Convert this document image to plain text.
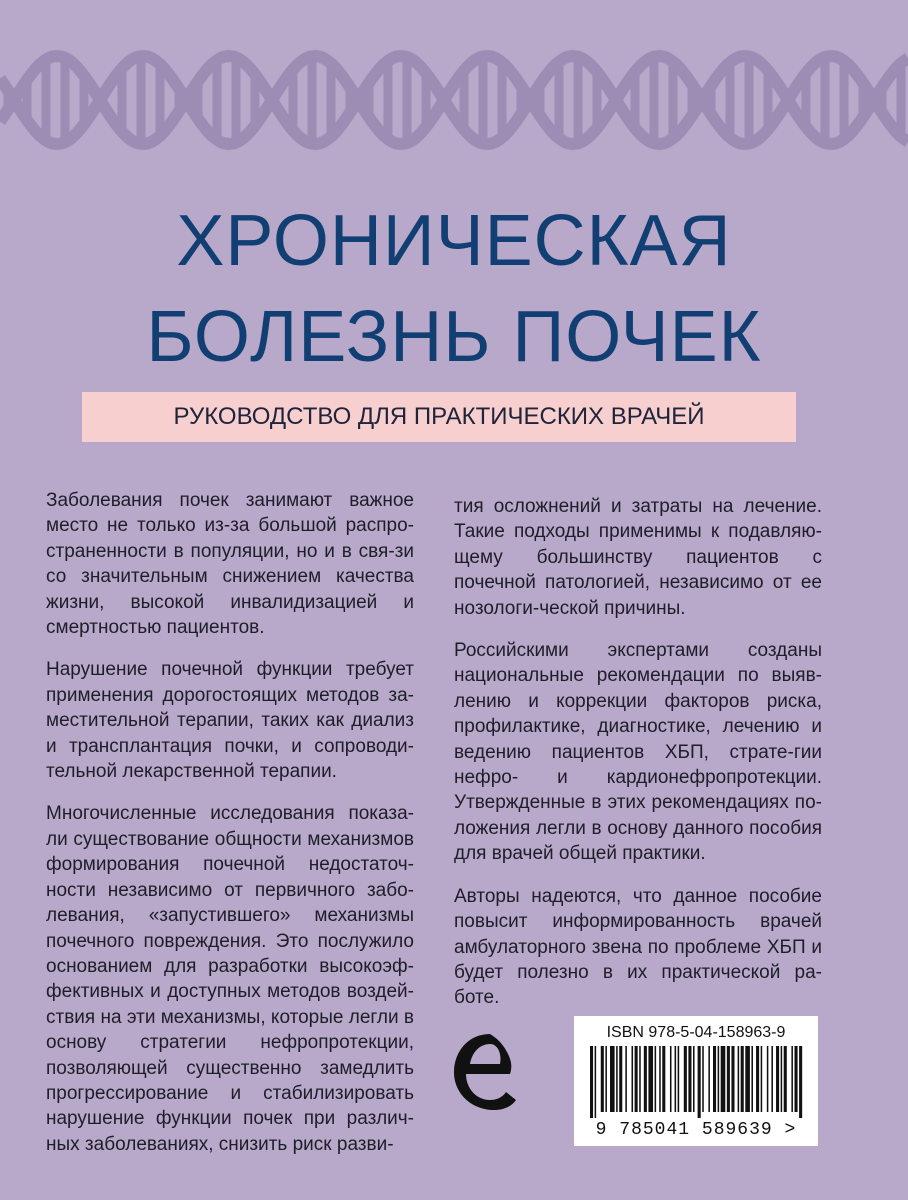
ХРОНИЧЕСКАЯ
БОЛЕЗНЬ ПОЧЕК
РУКОВОДСТВО ДЛЯ ПРАКТИЧЕСКИХ ВРАЧЕЙ

Заболевания почек занимают важное место не только из-за большой распро-страненности в популяции, но и в свя-зи со значительным снижением качества жизни, высокой инвалидизацией и смертностью пациентов.

Нарушение почечной функции требует применения дорогостоящих методов за-местительной терапии, таких как диализ и трансплантация почки, и сопроводи-тельной лекарственной терапии.

Многочисленные исследования показа-ли существование общности механизмов формирования почечной недостаточ-ности независимо от первичного забо-левания, «запустившего» механизмы почечного повреждения. Это послужило основанием для разработки высокоэф-фективных и доступных методов воздей-ствия на эти механизмы, которые легли в основу стратегии нефропротекции, позволяющей существенно замедлить прогрессирование и стабилизировать нарушение функции почек при различ-ных заболеваниях, снизить риск разви-

тия осложнений и затраты на лечение. Такие подходы применимы к подавляю-щему большинству пациентов с почечной патологией, независимо от ее нозологи-ческой причины.

Российскими экспертами созданы национальные рекомендации по выяв-лению и коррекции факторов риска, профилактике, диагностике, лечению и ведению пациентов ХБП, страте-гии нефро- и кардионефропротекции. Утвержденные в этих рекомендациях по-ложения легли в основу данного пособия для врачей общей практики.

Авторы надеются, что данное пособие повысит информированность врачей амбулаторного звена по проблеме ХБП и будет полезно в их практической ра-боте.

ISBN 978-5-04-158963-9
9 785041 589639 >
